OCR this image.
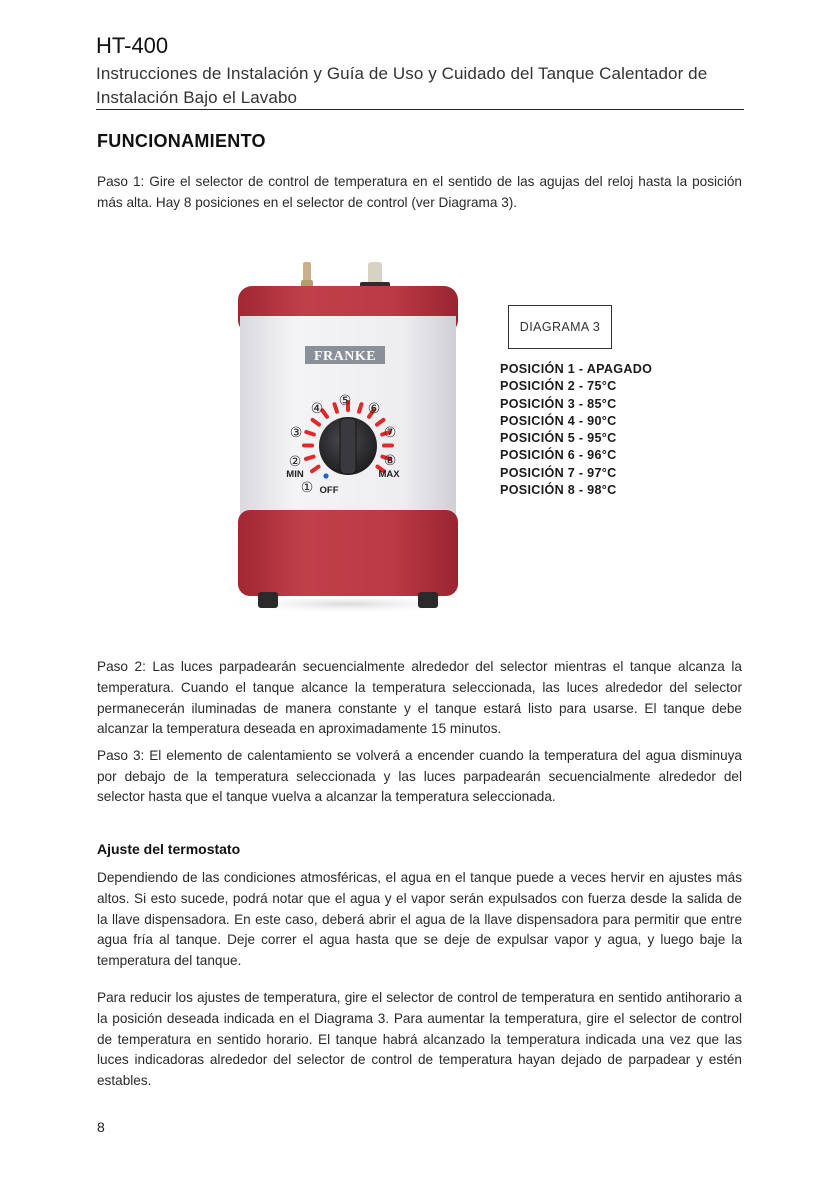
HT-400
Instrucciones de Instalación y Guía de Uso y Cuidado del Tanque Calentador de Instalación Bajo el Lavabo
FUNCIONAMIENTO
Paso 1: Gire el selector de control de temperatura en el sentido de las agujas del reloj hasta la posición más alta. Hay 8 posiciones en el selector de control (ver Diagrama 3).
FRANKE
①
②
③
④ ⑤ ⑥
⑦
⑧
MIN	MAX
OFF
DIAGRAMA 3
POSICIÓN 1 - APAGADO
POSICIÓN 2 - 75°C
POSICIÓN 3 - 85°C
POSICIÓN 4 - 90°C
POSICIÓN 5 - 95°C
POSICIÓN 6 - 96°C
POSICIÓN 7 - 97°C
POSICIÓN 8 - 98°C
Paso 2: Las luces parpadearán secuencialmente alrededor del selector mientras el tanque alcanza la temperatura. Cuando el tanque alcance la temperatura seleccionada, las luces alrededor del selector permanecerán iluminadas de manera constante y el tanque estará listo para usarse. El tanque debe alcanzar la temperatura deseada en aproximadamente 15 minutos.
Paso 3: El elemento de calentamiento se volverá a encender cuando la temperatura del agua disminuya por debajo de la temperatura seleccionada y las luces parpadearán secuencialmente alrededor del selector hasta que el tanque vuelva a alcanzar la temperatura seleccionada.
Ajuste del termostato
Dependiendo de las condiciones atmosféricas, el agua en el tanque puede a veces hervir en ajustes más altos. Si esto sucede, podrá notar que el agua y el vapor serán expulsados con fuerza desde la salida de la llave dispensadora. En este caso, deberá abrir el agua de la llave dispensadora para permitir que entre agua fría al tanque. Deje correr el agua hasta que se deje de expulsar vapor y agua, y luego baje la temperatura del tanque.
Para reducir los ajustes de temperatura, gire el selector de control de temperatura en sentido antihorario a la posición deseada indicada en el Diagrama 3. Para aumentar la temperatura, gire el selector de control de temperatura en sentido horario. El tanque habrá alcanzado la temperatura indicada una vez que las luces indicadoras alrededor del selector de control de temperatura hayan dejado de parpadear y estén estables.
8
